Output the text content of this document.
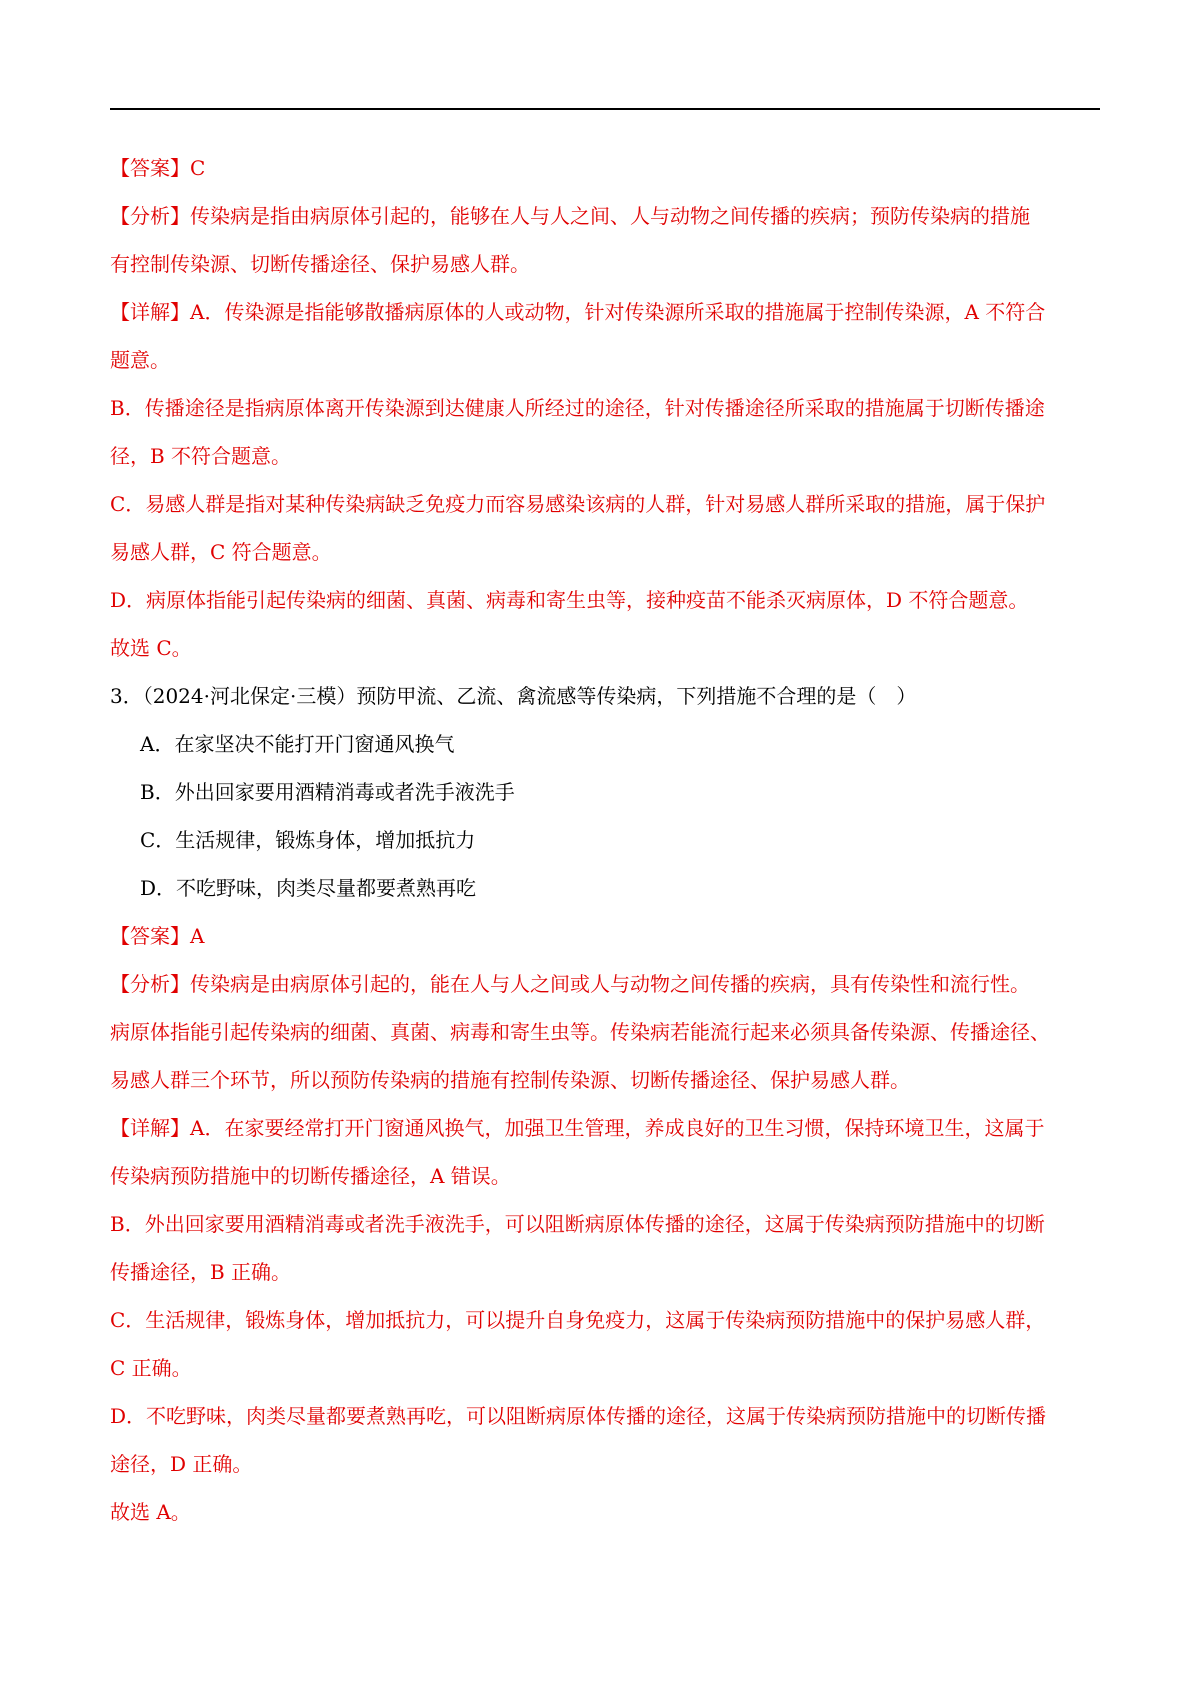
【答案】C
【分析】传染病是指由病原体引起的，能够在人与人之间、人与动物之间传播的疾病；预防传染病的措施
有控制传染源、切断传播途径、保护易感人群。
【详解】A．传染源是指能够散播病原体的人或动物，针对传染源所采取的措施属于控制传染源，A 不符合
题意。
B．传播途径是指病原体离开传染源到达健康人所经过的途径，针对传播途径所采取的措施属于切断传播途
径，B 不符合题意。
C．易感人群是指对某种传染病缺乏免疫力而容易感染该病的人群，针对易感人群所采取的措施，属于保护
易感人群，C 符合题意。
D．病原体指能引起传染病的细菌、真菌、病毒和寄生虫等，接种疫苗不能杀灭病原体，D 不符合题意。
故选 C。
3．（2024·河北保定·三模）预防甲流、乙流、禽流感等传染病，下列措施不合理的是（　）
A．在家坚决不能打开门窗通风换气
B．外出回家要用酒精消毒或者洗手液洗手
C．生活规律，锻炼身体，增加抵抗力
D．不吃野味，肉类尽量都要煮熟再吃
【答案】A
【分析】传染病是由病原体引起的，能在人与人之间或人与动物之间传播的疾病，具有传染性和流行性。
病原体指能引起传染病的细菌、真菌、病毒和寄生虫等。传染病若能流行起来必须具备传染源、传播途径、
易感人群三个环节，所以预防传染病的措施有控制传染源、切断传播途径、保护易感人群。
【详解】A．在家要经常打开门窗通风换气，加强卫生管理，养成良好的卫生习惯，保持环境卫生，这属于
传染病预防措施中的切断传播途径，A 错误。
B．外出回家要用酒精消毒或者洗手液洗手，可以阻断病原体传播的途径，这属于传染病预防措施中的切断
传播途径，B 正确。
C．生活规律，锻炼身体，增加抵抗力，可以提升自身免疫力，这属于传染病预防措施中的保护易感人群，
C 正确。
D．不吃野味，肉类尽量都要煮熟再吃，可以阻断病原体传播的途径，这属于传染病预防措施中的切断传播
途径，D 正确。
故选 A。
